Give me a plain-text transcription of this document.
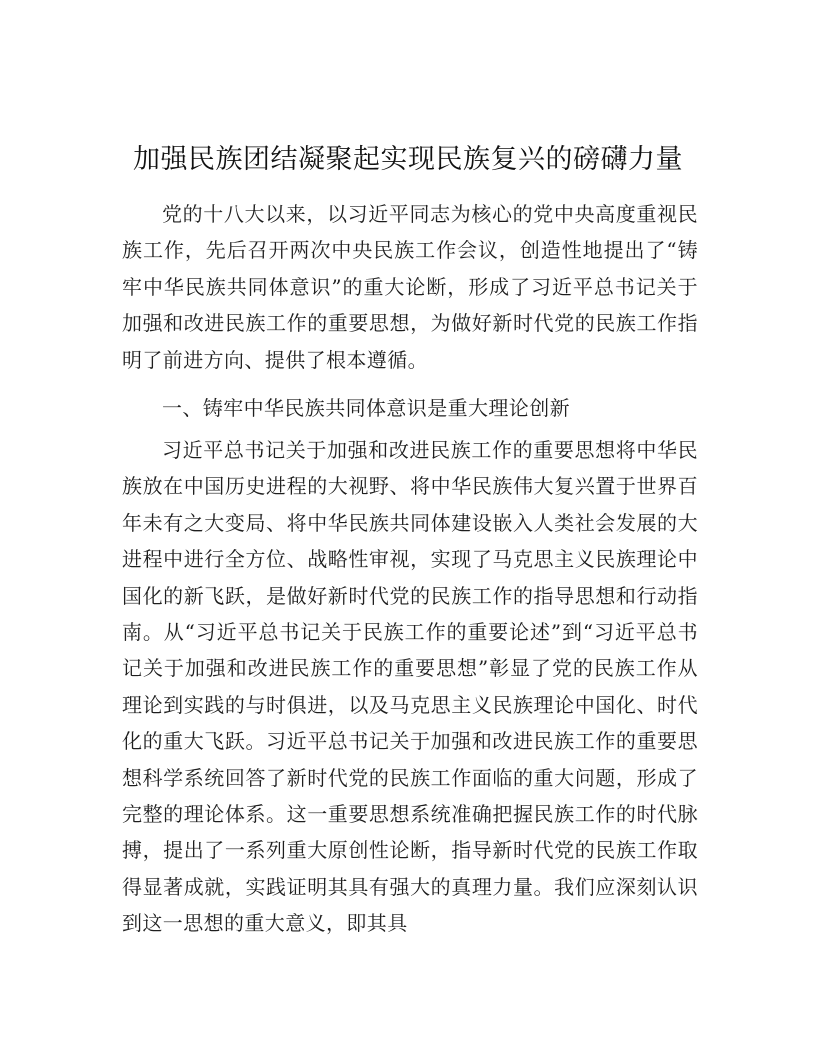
加强民族团结凝聚起实现民族复兴的磅礴力量

党的十八大以来，以习近平同志为核心的党中央高度重视民族工作，先后召开两次中央民族工作会议，创造性地提出了“铸牢中华民族共同体意识”的重大论断，形成了习近平总书记关于加强和改进民族工作的重要思想，为做好新时代党的民族工作指明了前进方向、提供了根本遵循。

一、铸牢中华民族共同体意识是重大理论创新

习近平总书记关于加强和改进民族工作的重要思想将中华民族放在中国历史进程的大视野、将中华民族伟大复兴置于世界百年未有之大变局、将中华民族共同体建设嵌入人类社会发展的大进程中进行全方位、战略性审视，实现了马克思主义民族理论中国化的新飞跃，是做好新时代党的民族工作的指导思想和行动指南。从“习近平总书记关于民族工作的重要论述”到“习近平总书记关于加强和改进民族工作的重要思想”彰显了党的民族工作从理论到实践的与时俱进，以及马克思主义民族理论中国化、时代化的重大飞跃。习近平总书记关于加强和改进民族工作的重要思想科学系统回答了新时代党的民族工作面临的重大问题，形成了完整的理论体系。这一重要思想系统准确把握民族工作的时代脉搏，提出了一系列重大原创性论断，指导新时代党的民族工作取得显著成就，实践证明其具有强大的真理力量。我们应深刻认识到这一思想的重大意义，即其具
